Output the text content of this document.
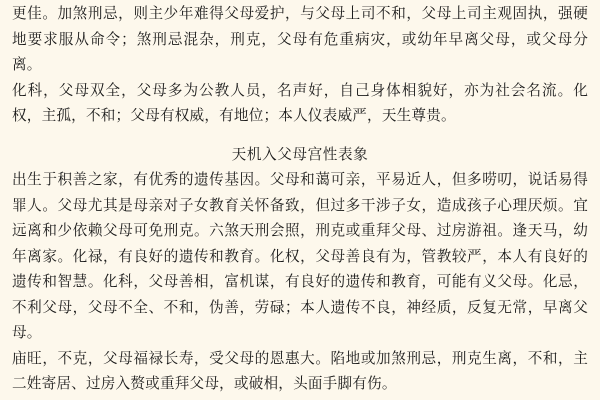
更佳。加煞刑忌，则主少年难得父母爱护，与父母上司不和，父母上司主观固执，强硬地要求服从命令；煞刑忌混杂，刑克，父母有危重病灾，或幼年早离父母，或父母分离。

化科，父母双全，父母多为公教人员，名声好，自己身体相貌好，亦为社会名流。化权，主孤，不和；父母有权威，有地位；本人仪表威严，天生尊贵。

天机入父母宫性表象

出生于积善之家，有优秀的遗传基因。父母和蔼可亲，平易近人，但多唠叨，说话易得罪人。父母尤其是母亲对子女教育关怀备致，但过多干涉子女，造成孩子心理厌烦。宜远离和少依赖父母可免刑克。六煞天刑会照，刑克或重拜父母、过房游祖。逢天马，幼年离家。化禄，有良好的遗传和教育。化权，父母善良有为，管教较严，本人有良好的遗传和智慧。化科，父母善相，富机谋，有良好的遗传和教育，可能有义父母。化忌，不利父母，父母不全、不和，伪善，劳碌；本人遗传不良，神经质，反复无常，早离父母。

庙旺，不克，父母福禄长寿，受父母的恩惠大。陷地或加煞刑忌，刑克生离，不和，主二姓寄居、过房入赘或重拜父母，或破相，头面手脚有伤。
